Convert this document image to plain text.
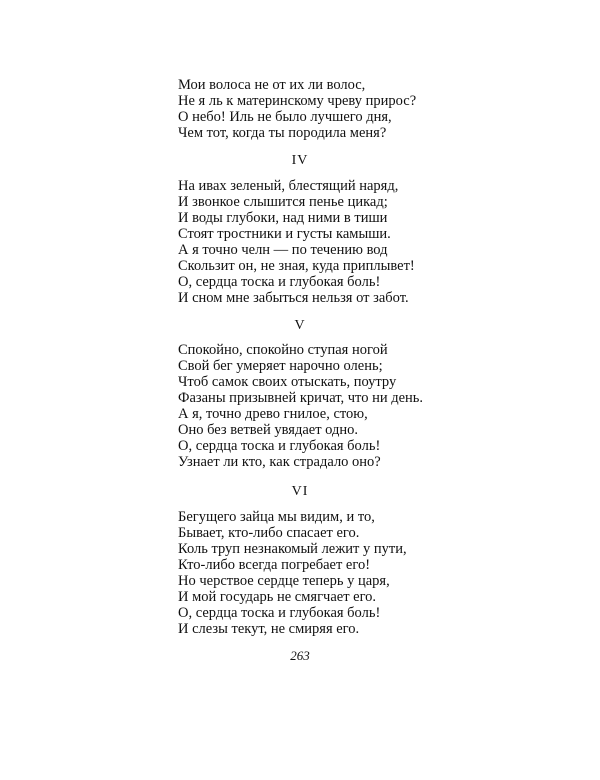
Мои волоса не от их ли волос,
Не я ль к материнскому чреву прирос?
О небо! Иль не было лучшего дня,
Чем тот, когда ты породила меня?
IV
На ивах зеленый, блестящий наряд,
И звонкое слышится пенье цикад;
И воды глубоки, над ними в тиши
Стоят тростники и густы камыши.
А я точно челн — по течению вод
Скользит он, не зная, куда приплывет!
О, сердца тоска и глубокая боль!
И сном мне забыться нельзя от забот.
V
Спокойно, спокойно ступая ногой
Свой бег умеряет нарочно олень;
Чтоб самок своих отыскать, поутру
Фазаны призывней кричат, что ни день.
А я, точно древо гнилое, стою,
Оно без ветвей увядает одно.
О, сердца тоска и глубокая боль!
Узнает ли кто, как страдало оно?
VI
Бегущего зайца мы видим, и то,
Бывает, кто-либо спасает его.
Коль труп незнакомый лежит у пути,
Кто-либо всегда погребает его!
Но черствое сердце теперь у царя,
И мой государь не смягчает его.
О, сердца тоска и глубокая боль!
И слезы текут, не смиряя его.
263
